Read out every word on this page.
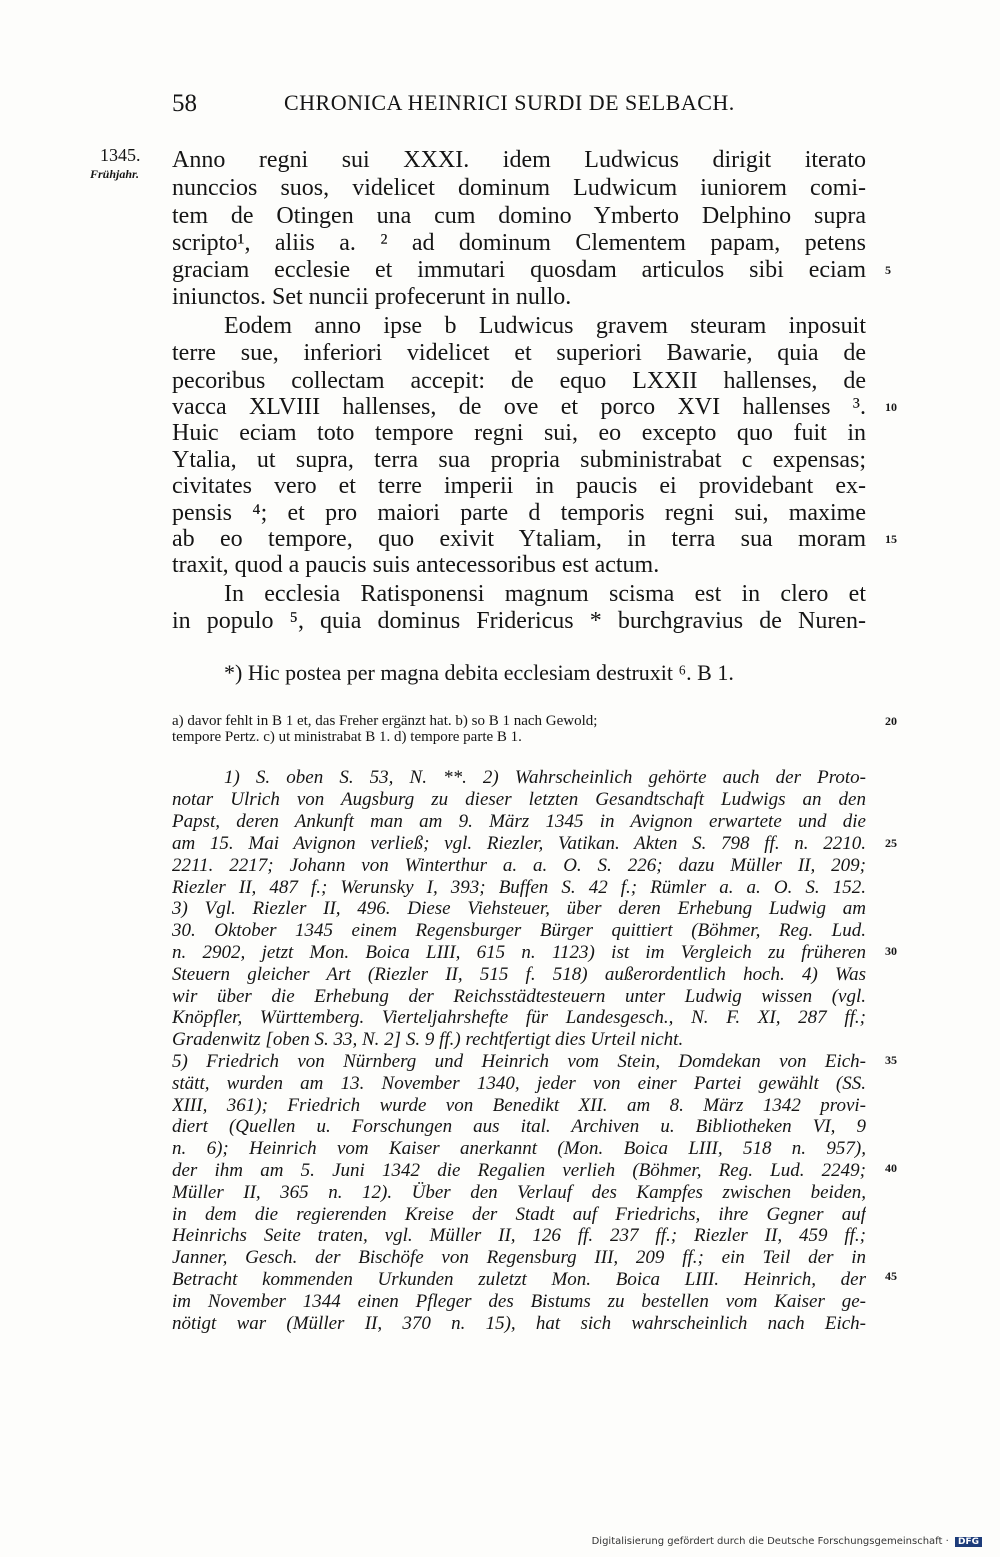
58	CHRONICA HEINRICI SURDI DE SELBACH.
1345.
Frühjahr.
Anno regni sui XXXI. idem Ludwicus dirigit iterato
nunccios suos, videlicet dominum Ludwicum iuniorem comi-
tem de Otingen una cum domino Ymberto Delphino supra
scripto¹, aliis a. ² ad dominum Clementem papam, petens
graciam ecclesie et immutari quosdam articulos sibi eciam
iniunctos. Set nuncii profecerunt in nullo.
Eodem anno ipse b Ludwicus gravem steuram inposuit
terre sue, inferiori videlicet et superiori Bawarie, quia de
pecoribus collectam accepit: de equo LXXII hallenses, de
vacca XLVIII hallenses, de ove et porco XVI hallenses ³.
Huic eciam toto tempore regni sui, eo excepto quo fuit in
Ytalia, ut supra, terra sua propria subministrabat c expensas;
civitates vero et terre imperii in paucis ei providebant ex-
pensis ⁴; et pro maiori parte d temporis regni sui, maxime
ab eo tempore, quo exivit Ytaliam, in terra sua moram
traxit, quod a paucis suis antecessoribus est actum.
In ecclesia Ratisponensi magnum scisma est in clero et
in populo ⁵, quia dominus Fridericus * burchgravius de Nuren-
5
10
15
20
25
30
35
40
45
*) Hic postea per magna debita ecclesiam destruxit ⁶. B 1.
a) davor fehlt in B 1 et, das Freher ergänzt hat. b) so B 1 nach Gewold;
tempore Pertz. c) ut ministrabat B 1. d) tempore parte B 1.
1) S. oben S. 53, N. **. 2) Wahrscheinlich gehörte auch der Proto-
notar Ulrich von Augsburg zu dieser letzten Gesandtschaft Ludwigs an den
Papst, deren Ankunft man am 9. März 1345 in Avignon erwartete und die
am 15. Mai Avignon verließ; vgl. Riezler, Vatikan. Akten S. 798 ff. n. 2210.
2211. 2217; Johann von Winterthur a. a. O. S. 226; dazu Müller II, 209;
Riezler II, 487 f.; Werunsky I, 393; Buffen S. 42 f.; Rümler a. a. O. S. 152.
3) Vgl. Riezler II, 496. Diese Viehsteuer, über deren Erhebung Ludwig am
30. Oktober 1345 einem Regensburger Bürger quittiert (Böhmer, Reg. Lud.
n. 2902, jetzt Mon. Boica LIII, 615 n. 1123) ist im Vergleich zu früheren
Steuern gleicher Art (Riezler II, 515 f. 518) außerordentlich hoch. 4) Was
wir über die Erhebung der Reichsstädtesteuern unter Ludwig wissen (vgl.
Knöpfler, Württemberg. Vierteljahrshefte für Landesgesch., N. F. XI, 287 ff.;
Gradenwitz [oben S. 33, N. 2] S. 9 ff.) rechtfertigt dies Urteil nicht.
5) Friedrich von Nürnberg und Heinrich vom Stein, Domdekan von Eich-
stätt, wurden am 13. November 1340, jeder von einer Partei gewählt (SS.
XIII, 361); Friedrich wurde von Benedikt XII. am 8. März 1342 provi-
diert (Quellen u. Forschungen aus ital. Archiven u. Bibliotheken VI, 9
n. 6); Heinrich vom Kaiser anerkannt (Mon. Boica LIII, 518 n. 957),
der ihm am 5. Juni 1342 die Regalien verlieh (Böhmer, Reg. Lud. 2249;
Müller II, 365 n. 12). Über den Verlauf des Kampfes zwischen beiden,
in dem die regierenden Kreise der Stadt auf Friedrichs, ihre Gegner auf
Heinrichs Seite traten, vgl. Müller II, 126 ff. 237 ff.; Riezler II, 459 ff.;
Janner, Gesch. der Bischöfe von Regensburg III, 209 ff.; ein Teil der in
Betracht kommenden Urkunden zuletzt Mon. Boica LIII. Heinrich, der
im November 1344 einen Pfleger des Bistums zu bestellen vom Kaiser ge-
nötigt war (Müller II, 370 n. 15), hat sich wahrscheinlich nach Eich-
Digitalisierung gefördert durch die Deutsche Forschungsgemeinschaft · DFG
